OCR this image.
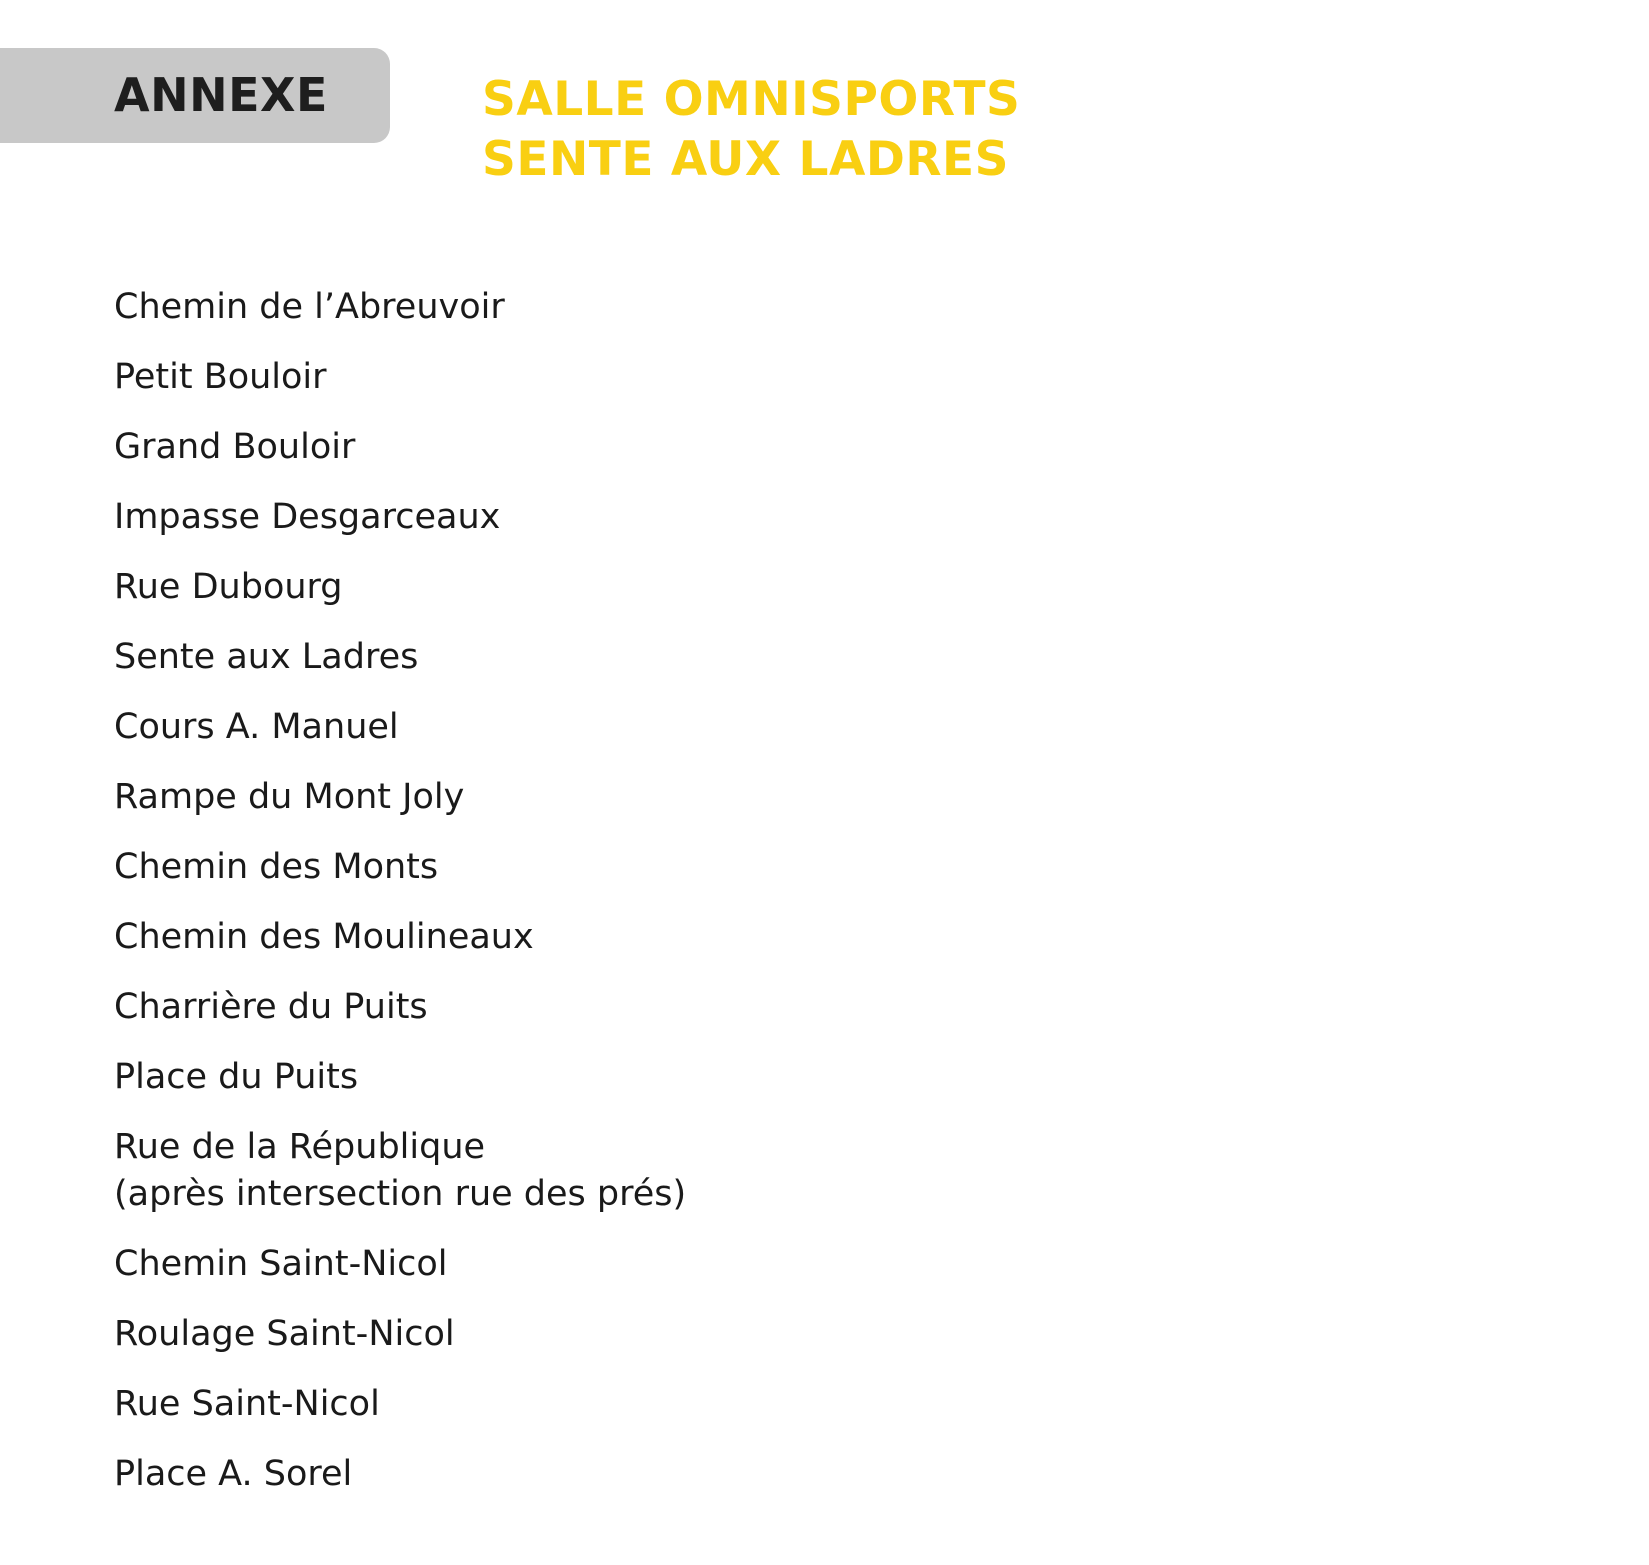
ANNEXE	SALLE OMNISPORTS
SENTE AUX LADRES
Chemin de l’Abreuvoir
Petit Bouloir
Grand Bouloir
Impasse Desgarceaux
Rue Dubourg
Sente aux Ladres
Cours A. Manuel
Rampe du Mont Joly
Chemin des Monts
Chemin des Moulineaux
Charrière du Puits
Place du Puits
Rue de la République
(après intersection rue des prés)
Chemin Saint-Nicol
Roulage Saint-Nicol
Rue Saint-Nicol
Place A. Sorel
